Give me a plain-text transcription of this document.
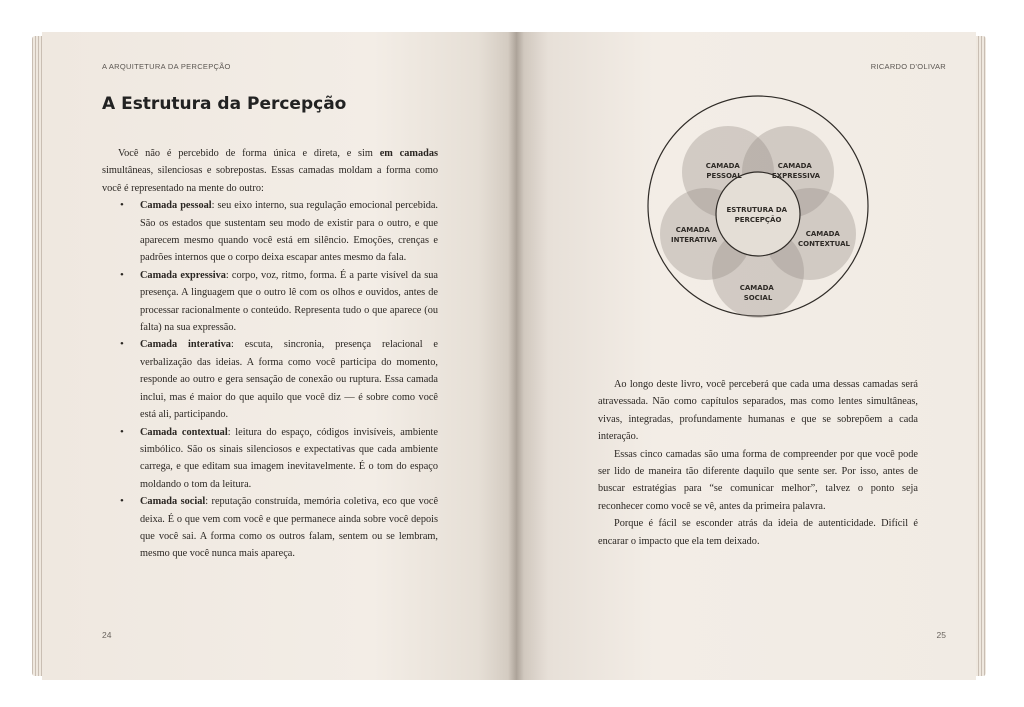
A ARQUITETURA DA PERCEPÇÃO
A Estrutura da Percepção

Você não é percebido de forma única e direta, e sim em camadas simultâneas, silenciosas e sobrepostas. Essas camadas moldam a forma como você é representado na mente do outro:

• Camada pessoal: seu eixo interno, sua regulação emocional percebida. São os estados que sustentam seu modo de existir para o outro, e que aparecem mesmo quando você está em silêncio. Emoções, crenças e padrões internos que o corpo deixa escapar antes mesmo da fala.
• Camada expressiva: corpo, voz, ritmo, forma. É a parte visível da sua presença. A linguagem que o outro lê com os olhos e ouvidos, antes de processar racionalmente o conteúdo. Representa tudo o que aparece (ou falta) na sua expressão.
• Camada interativa: escuta, sincronia, presença relacional e verbalização das ideias. A forma como você participa do momento, responde ao outro e gera sensação de conexão ou ruptura. Essa camada inclui, mas é maior do que aquilo que você diz — é sobre como você está ali, participando.
• Camada contextual: leitura do espaço, códigos invisíveis, ambiente simbólico. São os sinais silenciosos e expectativas que cada ambiente carrega, e que editam sua imagem inevitavelmente. É o tom do espaço moldando o tom da leitura.
• Camada social: reputação construída, memória coletiva, eco que você deixa. É o que vem com você e que permanece ainda sobre você depois que você sai. A forma como os outros falam, sentem ou se lembram, mesmo que você nunca mais apareça.
24
RICARDO D'OLIVAR
ESTRUTURA DA PERCEPÇÃO
CAMADA PESSOAL
CAMADA EXPRESSIVA
CAMADA INTERATIVA
CAMADA CONTEXTUAL
CAMADA SOCIAL

Ao longo deste livro, você perceberá que cada uma dessas camadas será atravessada. Não como capítulos separados, mas como lentes simultâneas, vivas, integradas, profundamente humanas e que se sobrepõem a cada interação.

Essas cinco camadas são uma forma de compreender por que você pode ser lido de maneira tão diferente daquilo que sente ser. Por isso, antes de buscar estratégias para “se comunicar melhor”, talvez o ponto seja reconhecer como você se vê, antes da primeira palavra.

Porque é fácil se esconder atrás da ideia de autenticidade. Difícil é encarar o impacto que ela tem deixado.

25
